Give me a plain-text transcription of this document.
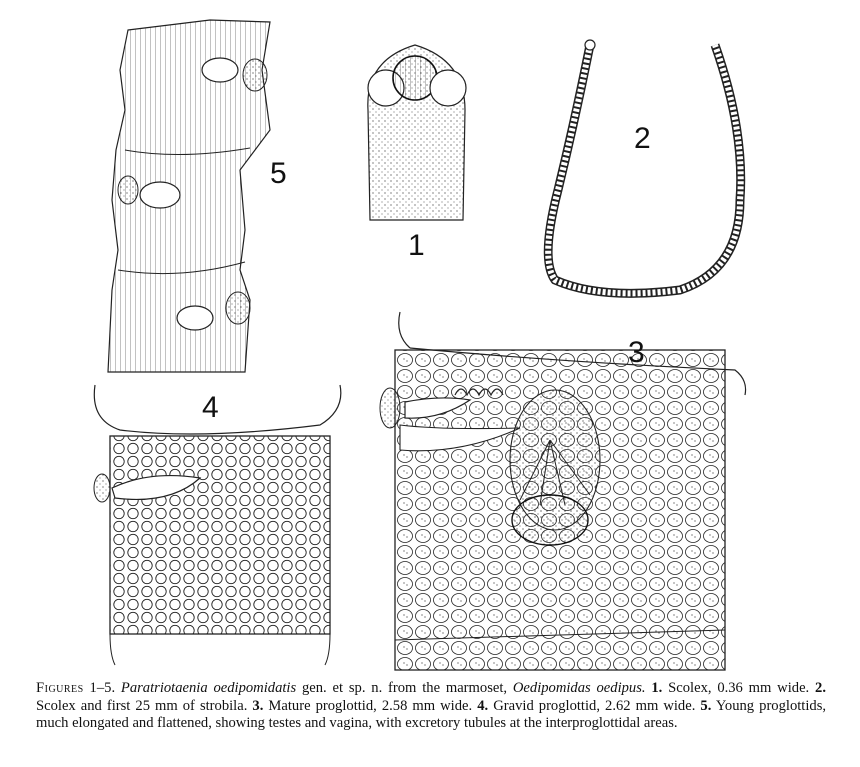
5
1
2
4
3
Figures 1–5. Paratriotaenia oedipomidatis gen. et sp. n. from the marmoset, Oedipomidas oedipus. 1. Scolex, 0.36 mm wide. 2. Scolex and first 25 mm of strobila. 3. Mature proglottid, 2.58 mm wide. 4. Gravid proglottid, 2.62 mm wide. 5. Young proglottids, much elongated and flattened, showing testes and vagina, with excretory tubules at the interproglottidal areas.
